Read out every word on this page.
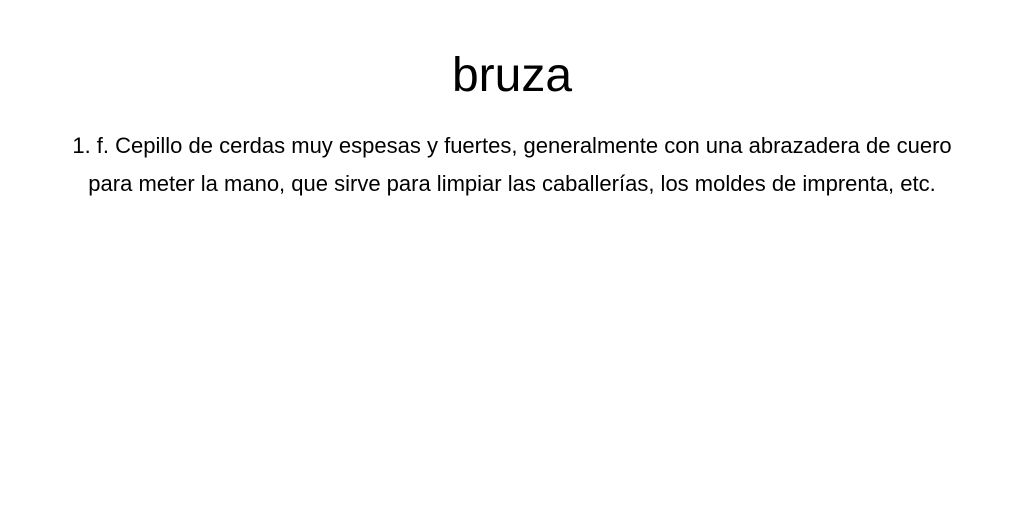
bruza

1. f. Cepillo de cerdas muy espesas y fuertes, generalmente con una abrazadera de cuero para meter la mano, que sirve para limpiar las caballerías, los moldes de imprenta, etc.
